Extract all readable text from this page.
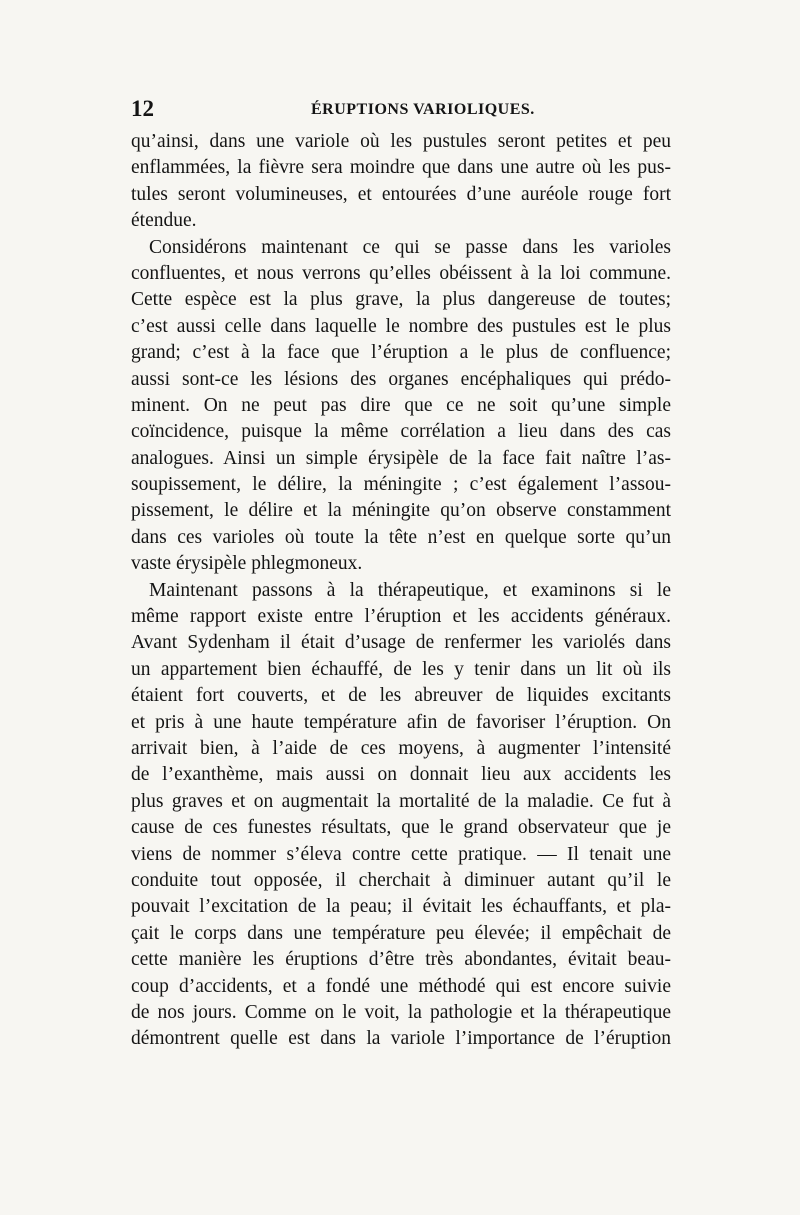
12	ÉRUPTIONS VARIOLIQUES.
qu’ainsi, dans une variole où les pustules seront petites et peu
enflammées, la fièvre sera moindre que dans une autre où les pus-
tules seront volumineuses, et entourées d’une auréole rouge fort
étendue.
Considérons maintenant ce qui se passe dans les varioles
confluentes, et nous verrons qu’elles obéissent à la loi commune.
Cette espèce est la plus grave, la plus dangereuse de toutes;
c’est aussi celle dans laquelle le nombre des pustules est le plus
grand; c’est à la face que l’éruption a le plus de confluence;
aussi sont-ce les lésions des organes encéphaliques qui prédo-
minent. On ne peut pas dire que ce ne soit qu’une simple
coïncidence, puisque la même corrélation a lieu dans des cas
analogues. Ainsi un simple érysipèle de la face fait naître l’as-
soupissement, le délire, la méningite ; c’est également l’assou-
pissement, le délire et la méningite qu’on observe constamment
dans ces varioles où toute la tête n’est en quelque sorte qu’un
vaste érysipèle phlegmoneux.
Maintenant passons à la thérapeutique, et examinons si le
même rapport existe entre l’éruption et les accidents généraux.
Avant Sydenham il était d’usage de renfermer les variolés dans
un appartement bien échauffé, de les y tenir dans un lit où ils
étaient fort couverts, et de les abreuver de liquides excitants
et pris à une haute température afin de favoriser l’éruption. On
arrivait bien, à l’aide de ces moyens, à augmenter l’intensité
de l’exanthème, mais aussi on donnait lieu aux accidents les
plus graves et on augmentait la mortalité de la maladie. Ce fut à
cause de ces funestes résultats, que le grand observateur que je
viens de nommer s’éleva contre cette pratique. — Il tenait une
conduite tout opposée, il cherchait à diminuer autant qu’il le
pouvait l’excitation de la peau; il évitait les échauffants, et pla-
çait le corps dans une température peu élevée; il empêchait de
cette manière les éruptions d’être très abondantes, évitait beau-
coup d’accidents, et a fondé une méthodé qui est encore suivie
de nos jours. Comme on le voit, la pathologie et la thérapeutique
démontrent quelle est dans la variole l’importance de l’éruption
